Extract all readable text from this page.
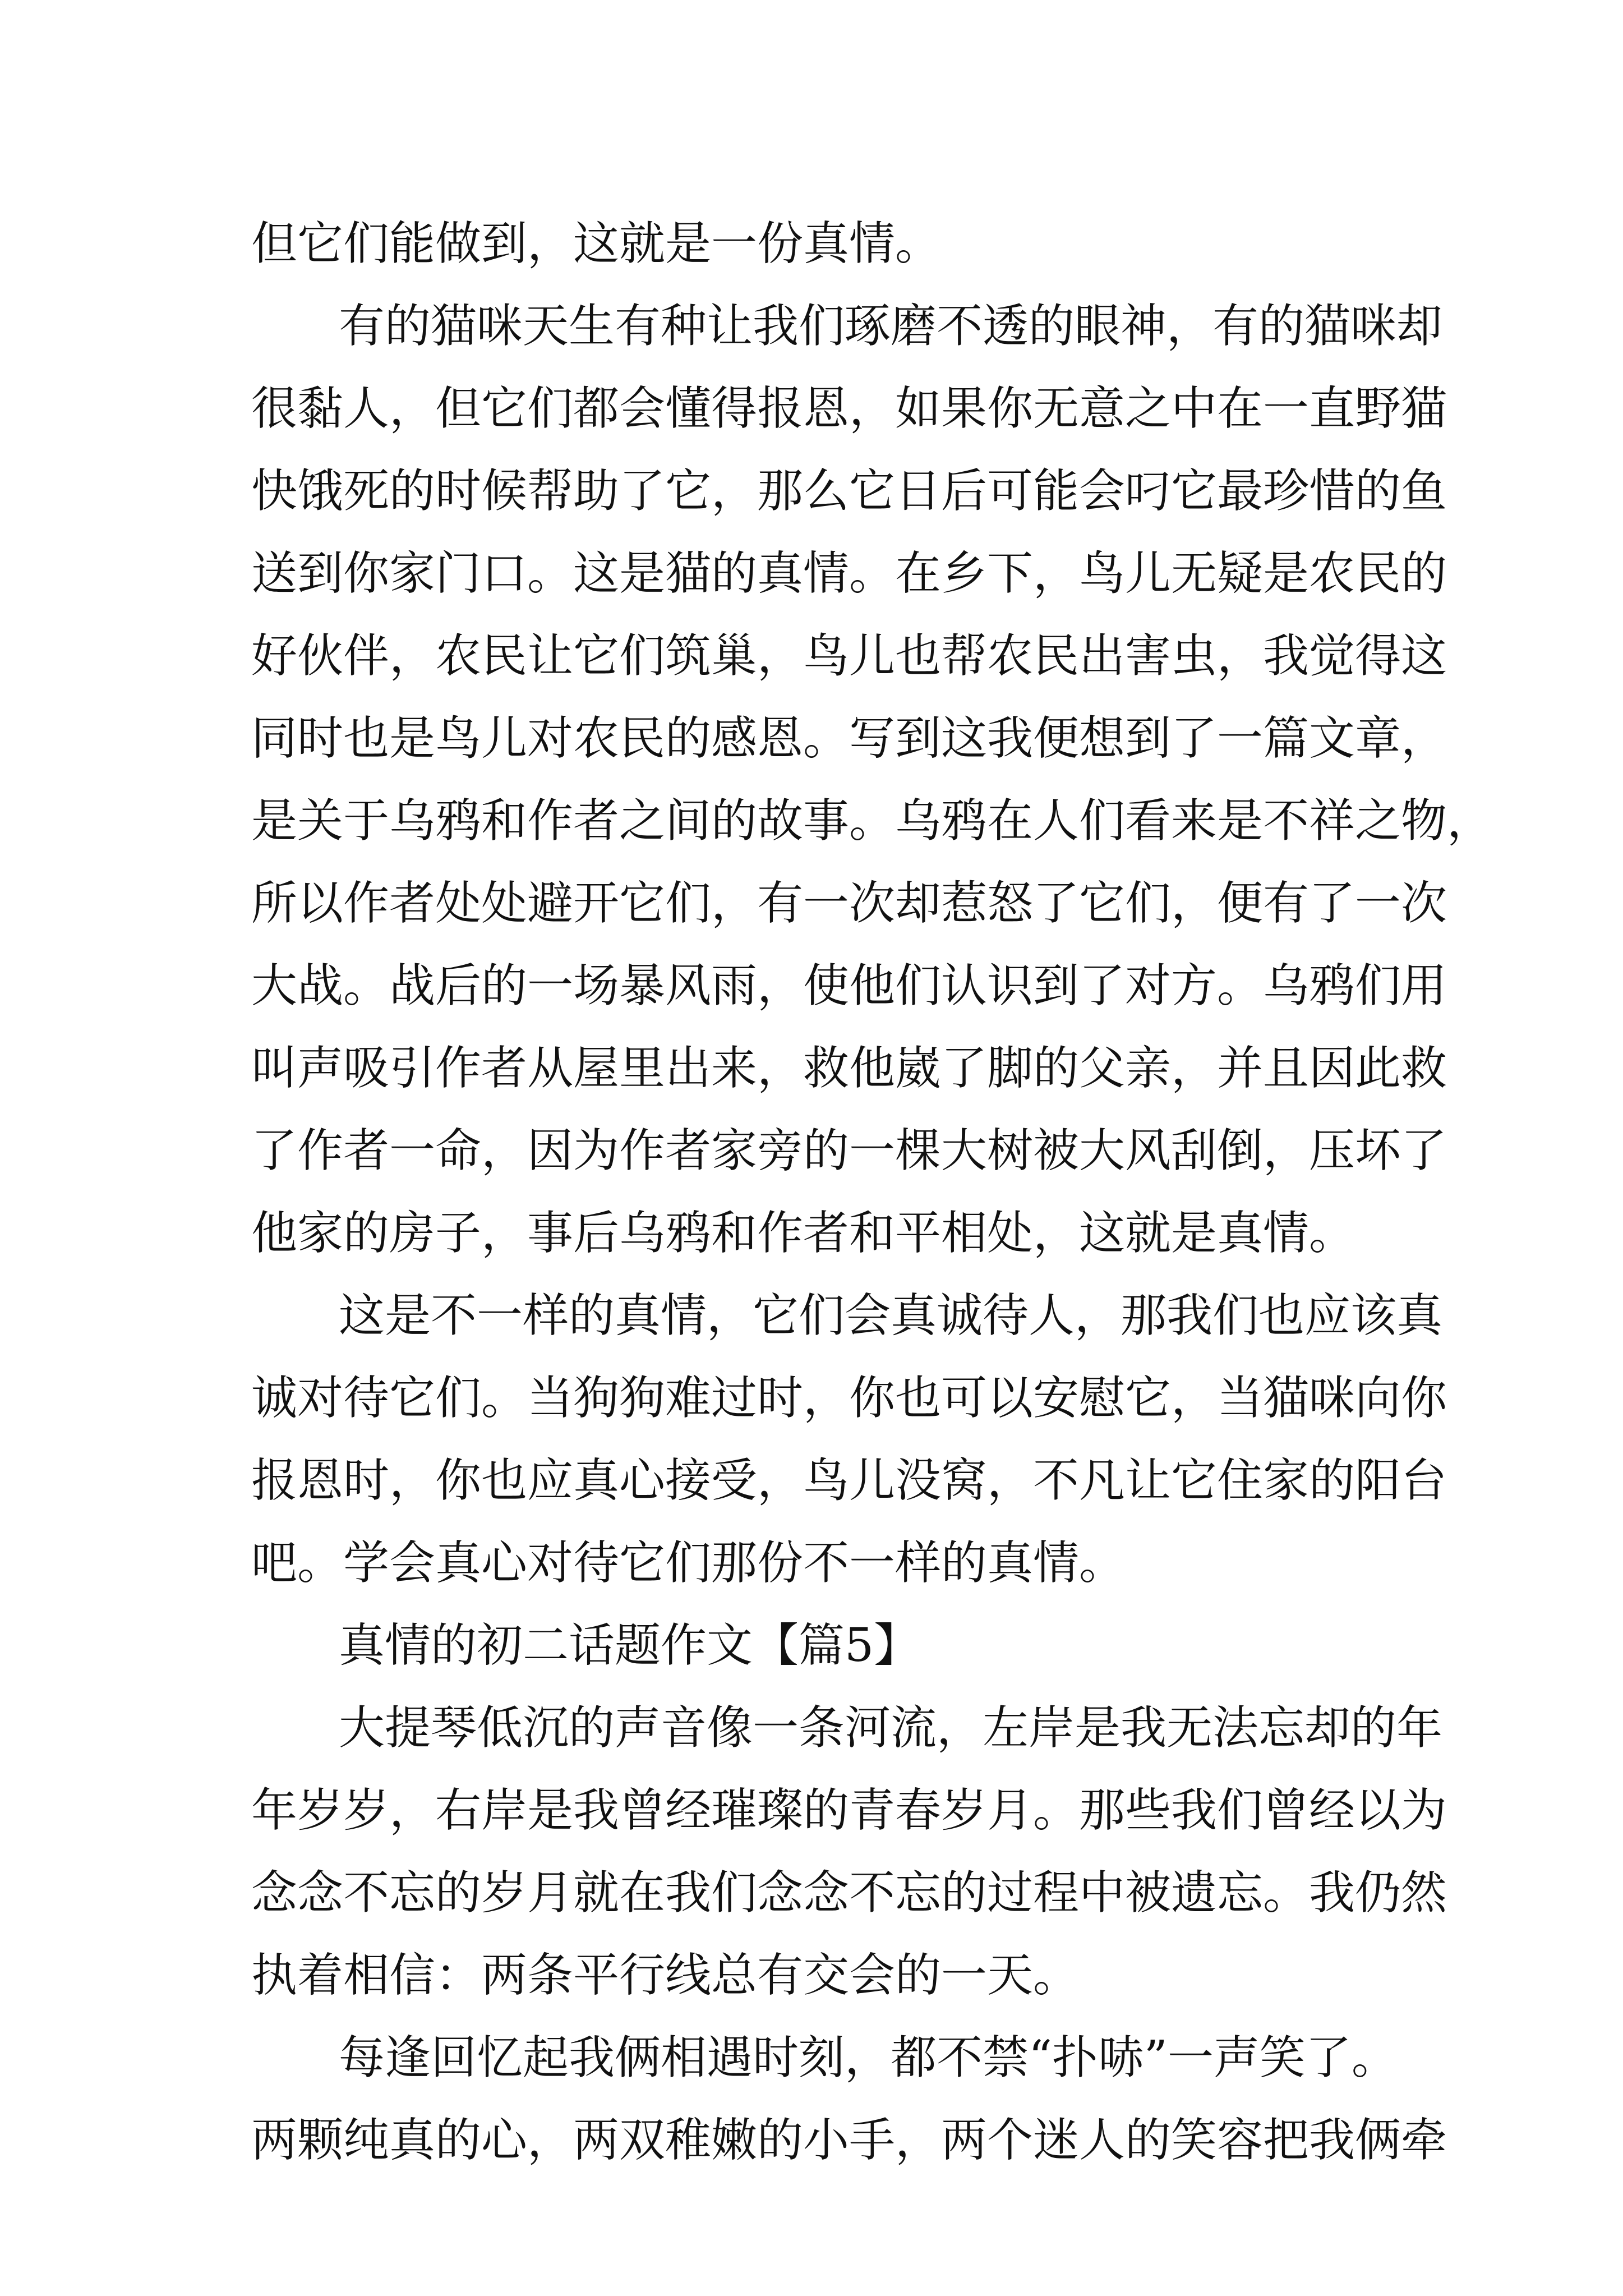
但它们能做到，这就是一份真情。
有的猫咪天生有种让我们琢磨不透的眼神，有的猫咪却
很黏人，但它们都会懂得报恩，如果你无意之中在一直野猫
快饿死的时候帮助了它，那么它日后可能会叼它最珍惜的鱼
送到你家门口。这是猫的真情。在乡下，鸟儿无疑是农民的
好伙伴，农民让它们筑巢，鸟儿也帮农民出害虫，我觉得这
同时也是鸟儿对农民的感恩。写到这我便想到了一篇文章，
是关于乌鸦和作者之间的故事。乌鸦在人们看来是不祥之物，
所以作者处处避开它们，有一次却惹怒了它们，便有了一次
大战。战后的一场暴风雨，使他们认识到了对方。乌鸦们用
叫声吸引作者从屋里出来，救他崴了脚的父亲，并且因此救
了作者一命，因为作者家旁的一棵大树被大风刮倒，压坏了
他家的房子，事后乌鸦和作者和平相处，这就是真情。
这是不一样的真情，它们会真诚待人，那我们也应该真
诚对待它们。当狗狗难过时，你也可以安慰它，当猫咪向你
报恩时，你也应真心接受，鸟儿没窝，不凡让它住家的阳台
吧。学会真心对待它们那份不一样的真情。
真情的初二话题作文【篇5】
大提琴低沉的声音像一条河流，左岸是我无法忘却的年
年岁岁，右岸是我曾经璀璨的青春岁月。那些我们曾经以为
念念不忘的岁月就在我们念念不忘的过程中被遗忘。我仍然
执着相信：两条平行线总有交会的一天。
每逢回忆起我俩相遇时刻，都不禁“扑哧”一声笑了。
两颗纯真的心，两双稚嫩的小手，两个迷人的笑容把我俩牵
